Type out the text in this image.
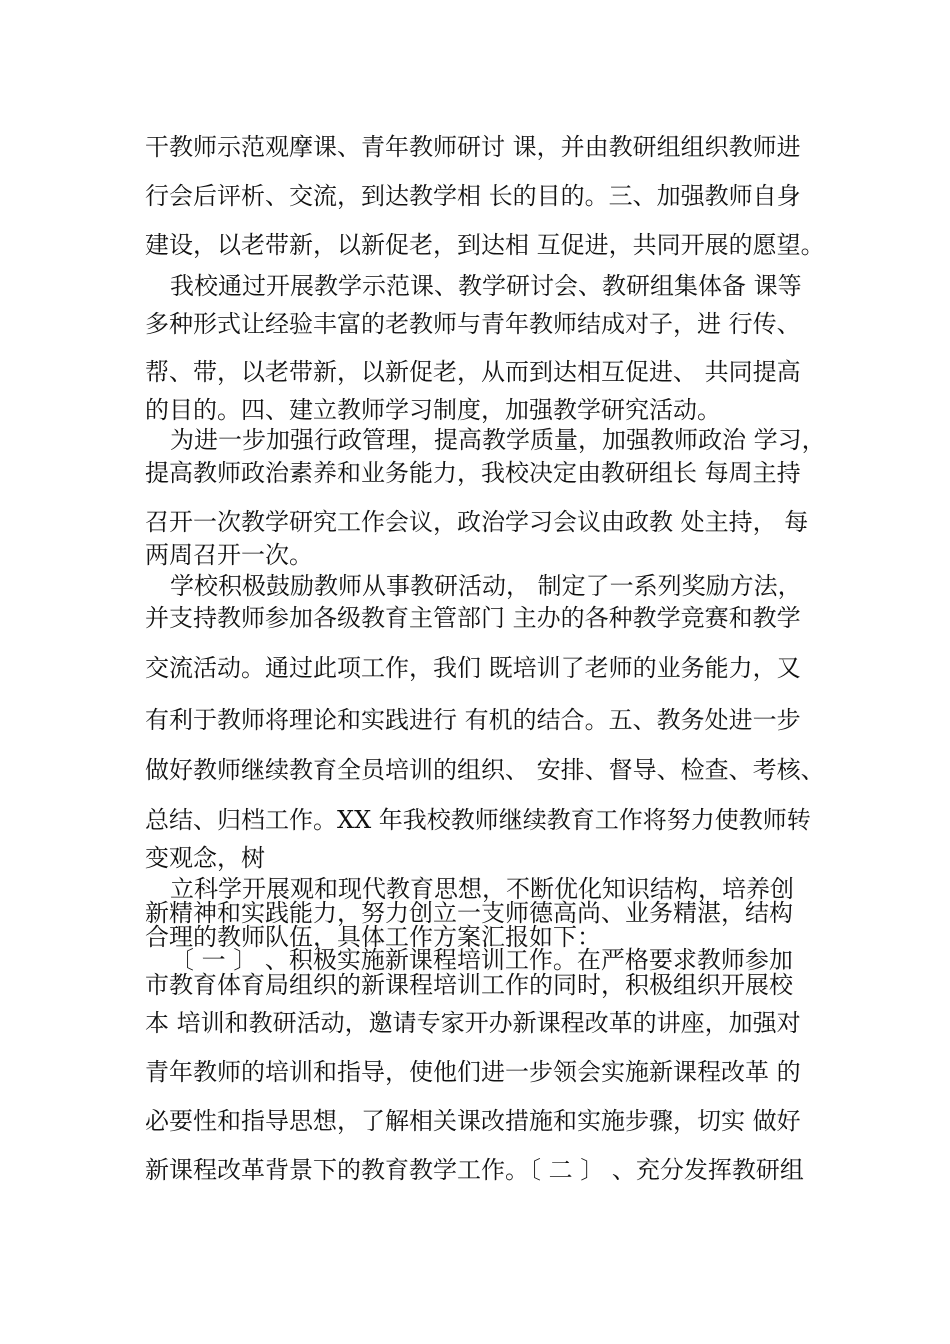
干教师示范观摩课、青年教师研讨 课，并由教研组组织教师进

行会后评析、交流，到达教学相 长的目的。三、加强教师自身

建设，以老带新，以新促老，到达相 互促进，共同开展的愿望。

我校通过开展教学示范课、教学研讨会、教研组集体备 课等

多种形式让经验丰富的老教师与青年教师结成对子，进 行传、

帮、带，以老带新，以新促老，从而到达相互促进、 共同提高

的目的。四、建立教师学习制度，加强教学研究活动。

为进一步加强行政管理，提高教学质量，加强教师政治 学习，

提高教师政治素养和业务能力，我校决定由教研组长 每周主持

召开一次教学研究工作会议，政治学习会议由政教 处主持， 每

两周召开一次。

学校积极鼓励教师从事教研活动， 制定了一系列奖励方法，

并支持教师参加各级教育主管部门 主办的各种教学竞赛和教学

交流活动。通过此项工作，我们 既培训了老师的业务能力，又

有利于教师将理论和实践进行 有机的结合。五、教务处进一步

做好教师继续教育全员培训的组织、 安排、督导、检查、考核、

总结、归档工作。XX 年我校教师继续教育工作将努力使教师转

变观念，树

立科学开展观和现代教育思想，不断优化知识结构，培养创

新精神和实践能力，努力创立一支师德高尚、业务精湛，结构

合理的教师队伍，具体工作方案汇报如下：

〔 一 〕 、积极实施新课程培训工作。在严格要求教师参加

市教育体育局组织的新课程培训工作的同时，积极组织开展校

本 培训和教研活动，邀请专家开办新课程改革的讲座，加强对

青年教师的培训和指导，使他们进一步领会实施新课程改革 的

必要性和指导思想，了解相关课改措施和实施步骤，切实 做好

新课程改革背景下的教育教学工作。〔 二 〕 、充分发挥教研组
